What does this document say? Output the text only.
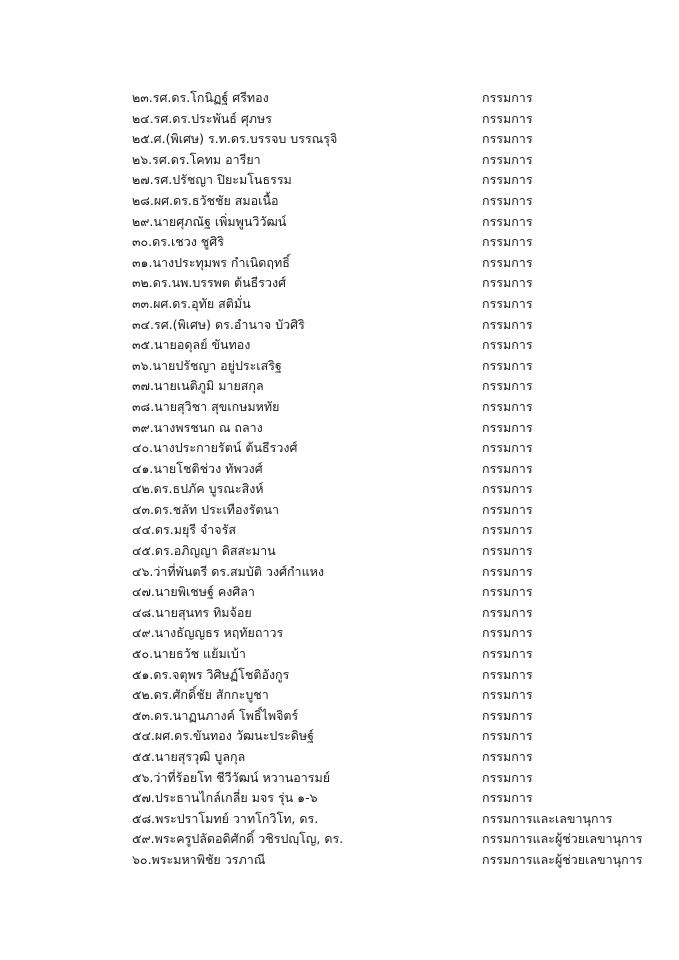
๒๓.รศ.ดร.โกนิฏฐ์ ศรีทอง	กรรมการ
๒๔.รศ.ดร.ประพันธ์ ศุภษร	กรรมการ
๒๕.ศ.(พิเศษ) ร.ท.ดร.บรรจบ บรรณรุจิ	กรรมการ
๒๖.รศ.ดร.โคทม อารียา	กรรมการ
๒๗.รศ.ปรัชญา ปิยะมโนธรรม	กรรมการ
๒๘.ผศ.ดร.ธวัชชัย สมอเนื้อ	กรรมการ
๒๙.นายศุภณัฐ เพิ่มพูนวิวัฒน์	กรรมการ
๓๐.ดร.เชวง ชูศิริ	กรรมการ
๓๑.นางประทุมพร กำเนิดฤทธิ์	กรรมการ
๓๒.ดร.นพ.บรรพต ต้นธีรวงศ์	กรรมการ
๓๓.ผศ.ดร.อุทัย สติมั่น	กรรมการ
๓๔.รศ.(พิเศษ) ดร.อำนาจ บัวศิริ	กรรมการ
๓๕.นายอดุลย์ ขันทอง	กรรมการ
๓๖.นายปรัชญา อยู่ประเสริฐ	กรรมการ
๓๗.นายเนติภูมิ มายสกุล	กรรมการ
๓๘.นายสุวิชา สุขเกษมหทัย	กรรมการ
๓๙.นางพรชนก ณ ถลาง	กรรมการ
๔๐.นางประกายรัตน์ ต้นธีรวงศ์	กรรมการ
๔๑.นายโชติช่วง ทัพวงศ์	กรรมการ
๔๒.ดร.ธปภัค บูรณะสิงห์	กรรมการ
๔๓.ดร.ชลัท ประเทืองรัตนา	กรรมการ
๔๔.ดร.มยุรี จำจรัส	กรรมการ
๔๕.ดร.อภิญญา ดิสสะมาน	กรรมการ
๔๖.ว่าที่พันตรี ดร.สมบัติ วงศ์กำแหง	กรรมการ
๔๗.นายพิเชษฐ์ คงศิลา	กรรมการ
๔๘.นายสุนทร ทิมจ้อย	กรรมการ
๔๙.นางธัญญธร หฤทัยถาวร	กรรมการ
๕๐.นายธวัช แย้มเบ้า	กรรมการ
๕๑.ดร.จตุพร วิศิษฏ์โชติอังกูร	กรรมการ
๕๒.ดร.ศักดิ์ชัย สักกะบูชา	กรรมการ
๕๓.ดร.นาฏนภางค์ โพธิ์ไพจิตร์	กรรมการ
๕๔.ผศ.ดร.ขันทอง วัฒนะประดิษฐ์	กรรมการ
๕๕.นายสุรวุฒิ บูลกุล	กรรมการ
๕๖.ว่าที่ร้อยโท ชีวีวัฒน์ หวานอารมย์	กรรมการ
๕๗.ประธานไกล์เกลี่ย มจร รุ่น ๑-๖	กรรมการ
๕๘.พระปราโมทย์ วาทโกวิโท, ดร.	กรรมการและเลขานุการ
๕๙.พระครูปลัดอดิศักดิ์ วชิรปญฺโญ, ดร.	กรรมการและผู้ช่วยเลขานุการ
๖๐.พระมหาพิชัย วรภาณี	กรรมการและผู้ช่วยเลขานุการ
